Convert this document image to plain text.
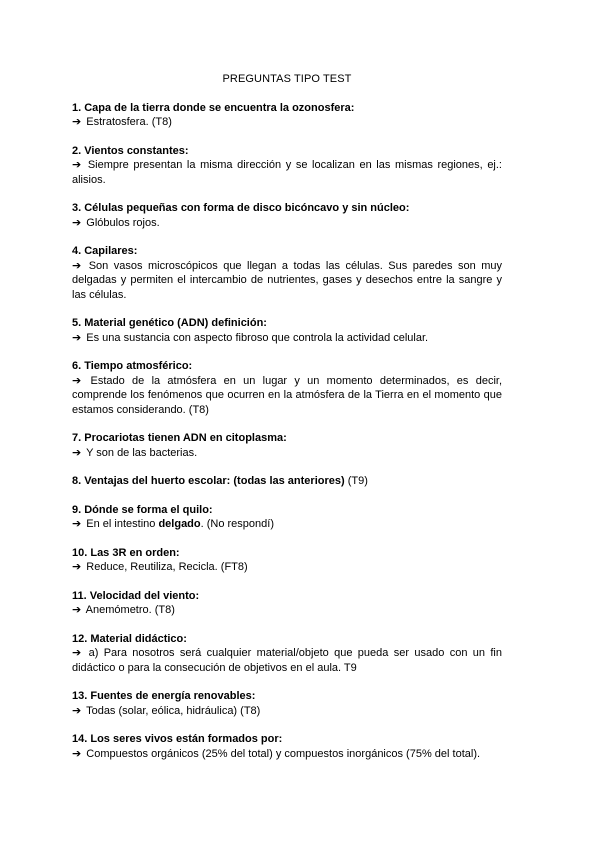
PREGUNTAS TIPO TEST

1. Capa de la tierra donde se encuentra la ozonosfera:

➔ Estratosfera. (T8)

2. Vientos constantes:

➔ Siempre presentan la misma dirección y se localizan en las mismas regiones, ej.: alisios.

3. Células pequeñas con forma de disco bicóncavo y sin núcleo:

➔ Glóbulos rojos.

4. Capilares:

➔ Son vasos microscópicos que llegan a todas las células. Sus paredes son muy delgadas y permiten el intercambio de nutrientes, gases y desechos entre la sangre y las células.

5. Material genético (ADN) definición:

➔ Es una sustancia con aspecto fibroso que controla la actividad celular.

6. Tiempo atmosférico:

➔ Estado de la atmósfera en un lugar y un momento determinados, es decir, comprende los fenómenos que ocurren en la atmósfera de la Tierra en el momento que estamos considerando. (T8)

7. Procariotas tienen ADN en citoplasma:

➔ Y son de las bacterias.

8. Ventajas del huerto escolar: (todas las anteriores) (T9)

9. Dónde se forma el quilo:

➔ En el intestino delgado. (No respondí)

10. Las 3R en orden:

➔ Reduce, Reutiliza, Recicla. (FT8)

11. Velocidad del viento:

➔ Anemómetro. (T8)

12. Material didáctico:

➔ a) Para nosotros será cualquier material/objeto que pueda ser usado con un fin didáctico o para la consecución de objetivos en el aula. T9

13. Fuentes de energía renovables:

➔ Todas (solar, eólica, hidráulica) (T8)

14. Los seres vivos están formados por:

➔ Compuestos orgánicos (25% del total) y compuestos inorgánicos (75% del total).
